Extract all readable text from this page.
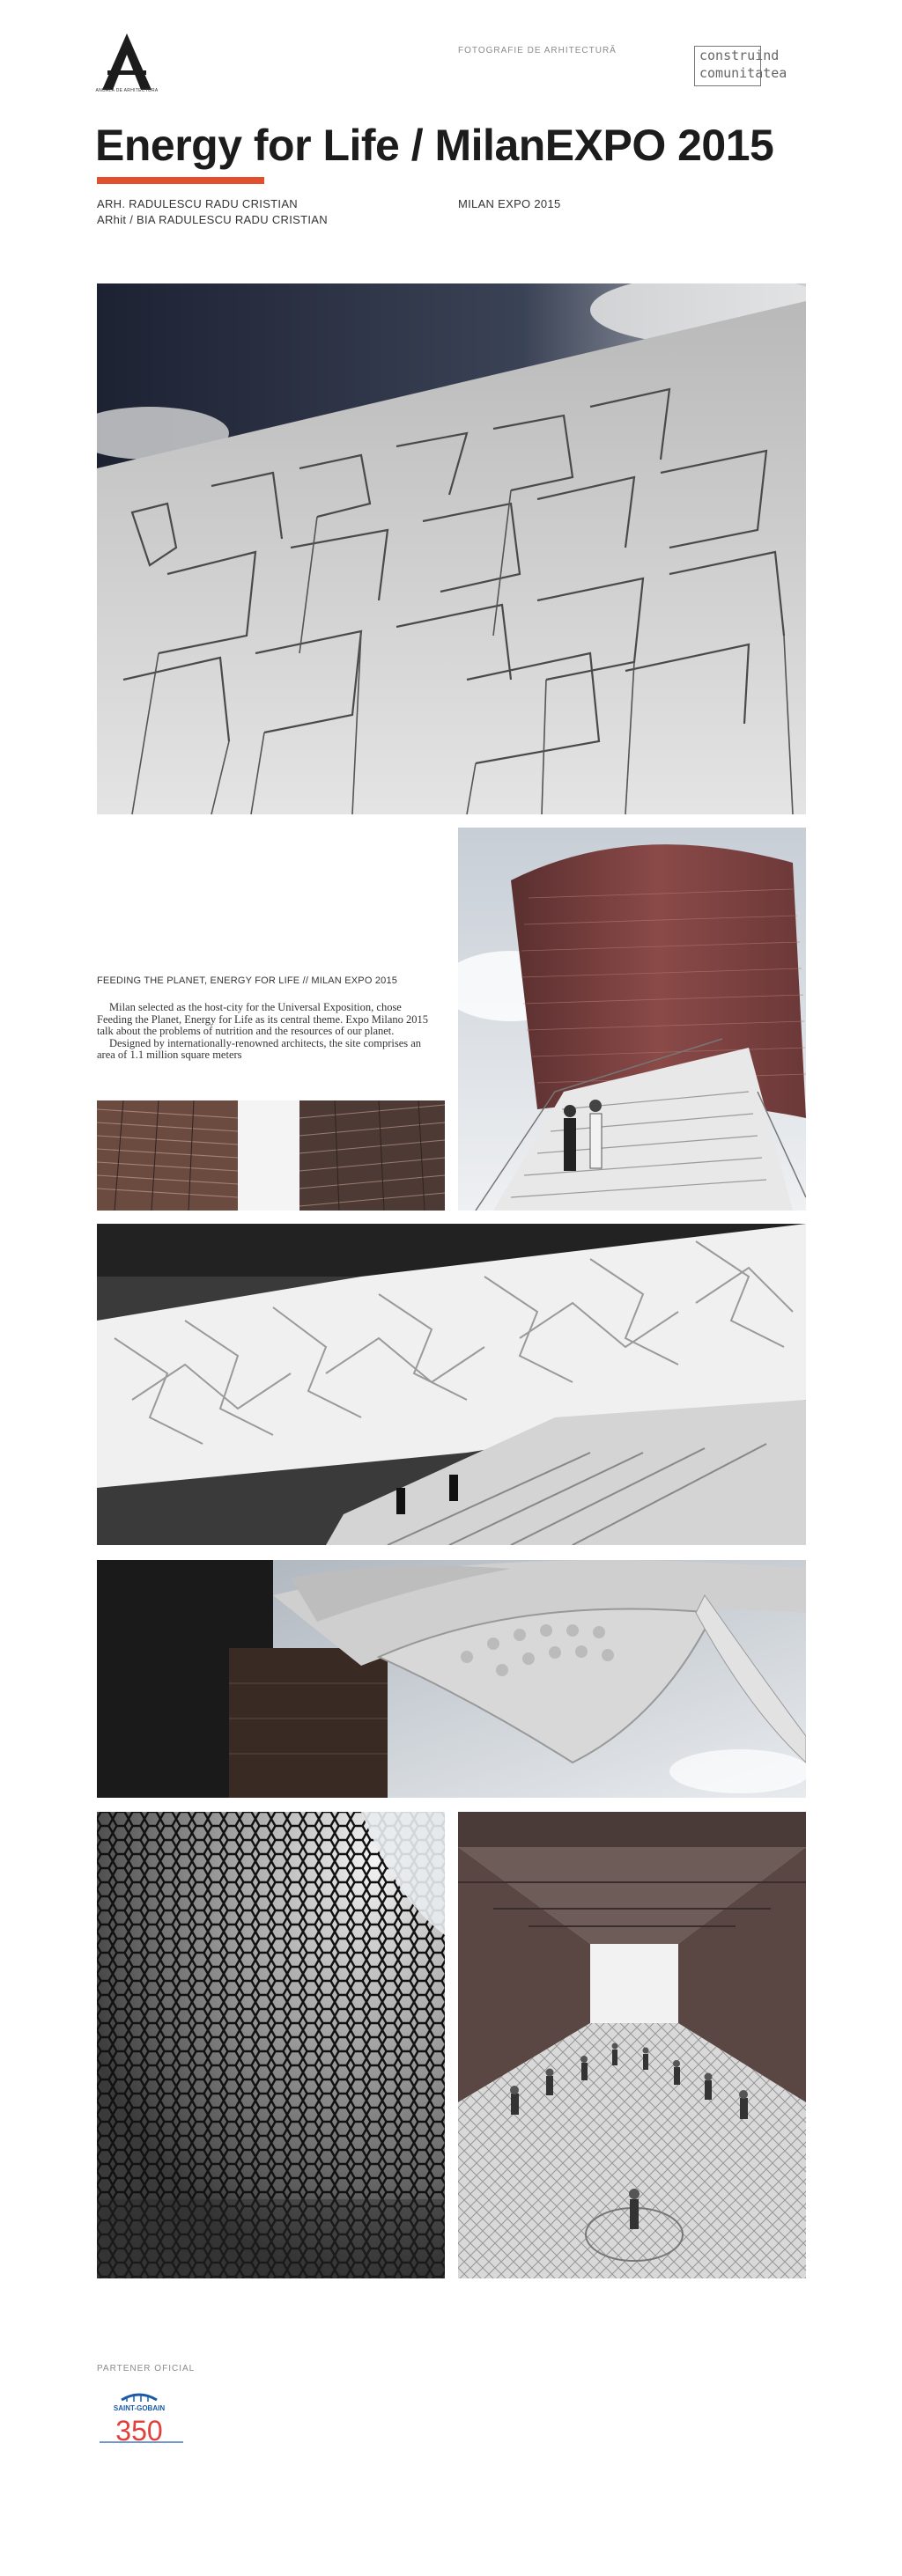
ANUALA DE ARHITECTURA
FOTOGRAFIE DE ARHITECTURĂ	construind
comunitatea
Energy for Life / MilanEXPO 2015
ARH. RADULESCU RADU CRISTIAN
ARhit / BIA RADULESCU RADU CRISTIAN
MILAN EXPO 2015
FEEDING THE PLANET, ENERGY FOR LIFE // MILAN EXPO 2015

Milan selected as the host-city for the Universal Exposition, chose Feeding the Planet, Energy for Life as its central theme. Expo Milano 2015 talk about the problems of nutrition and the resources of our planet.

Designed by internationally-renowned architects, the site comprises an area of 1.1 million square meters

PARTENER OFICIAL
SAINT-GOBAIN
350
